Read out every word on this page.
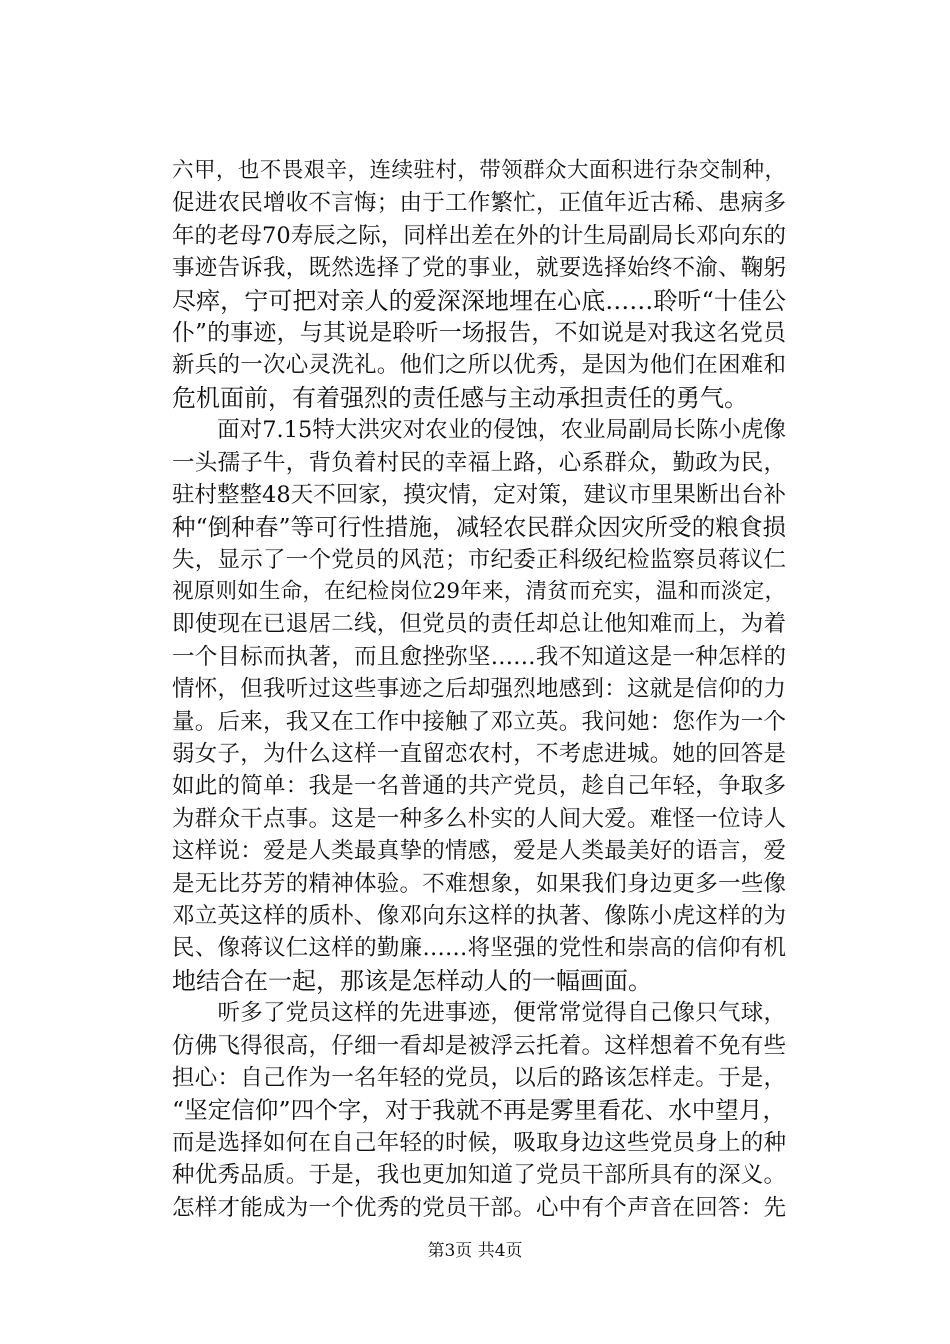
六甲，也不畏艰辛，连续驻村，带领群众大面积进行杂交制种，
促进农民增收不言悔；由于工作繁忙，正值年近古稀、患病多
年的老母70寿辰之际，同样出差在外的计生局副局长邓向东的
事迹告诉我，既然选择了党的事业，就要选择始终不渝、鞠躬
尽瘁，宁可把对亲人的爱深深地埋在心底……聆听“十佳公
仆”的事迹，与其说是聆听一场报告，不如说是对我这名党员
新兵的一次心灵洗礼。他们之所以优秀，是因为他们在困难和
危机面前，有着强烈的责任感与主动承担责任的勇气。
　　面对7.15特大洪灾对农业的侵蚀，农业局副局长陈小虎像
一头孺子牛，背负着村民的幸福上路，心系群众，勤政为民，
驻村整整48天不回家，摸灾情，定对策，建议市里果断出台补
种“倒种春”等可行性措施，减轻农民群众因灾所受的粮食损
失，显示了一个党员的风范；市纪委正科级纪检监察员蒋议仁
视原则如生命，在纪检岗位29年来，清贫而充实，温和而淡定，
即使现在已退居二线，但党员的责任却总让他知难而上，为着
一个目标而执著，而且愈挫弥坚……我不知道这是一种怎样的
情怀，但我听过这些事迹之后却强烈地感到：这就是信仰的力
量。后来，我又在工作中接触了邓立英。我问她：您作为一个
弱女子，为什么这样一直留恋农村，不考虑进城。她的回答是
如此的简单：我是一名普通的共产党员，趁自己年轻，争取多
为群众干点事。这是一种多么朴实的人间大爱。难怪一位诗人
这样说：爱是人类最真挚的情感，爱是人类最美好的语言，爱
是无比芬芳的精神体验。不难想象，如果我们身边更多一些像
邓立英这样的质朴、像邓向东这样的执著、像陈小虎这样的为
民、像蒋议仁这样的勤廉……将坚强的党性和崇高的信仰有机
地结合在一起，那该是怎样动人的一幅画面。
　　听多了党员这样的先进事迹，便常常觉得自己像只气球，
仿佛飞得很高，仔细一看却是被浮云托着。这样想着不免有些
担心：自己作为一名年轻的党员，以后的路该怎样走。于是，
“坚定信仰”四个字，对于我就不再是雾里看花、水中望月，
而是选择如何在自己年轻的时候，吸取身边这些党员身上的种
种优秀品质。于是，我也更加知道了党员干部所具有的深义。
怎样才能成为一个优秀的党员干部。心中有个声音在回答：先
第3页 共4页
